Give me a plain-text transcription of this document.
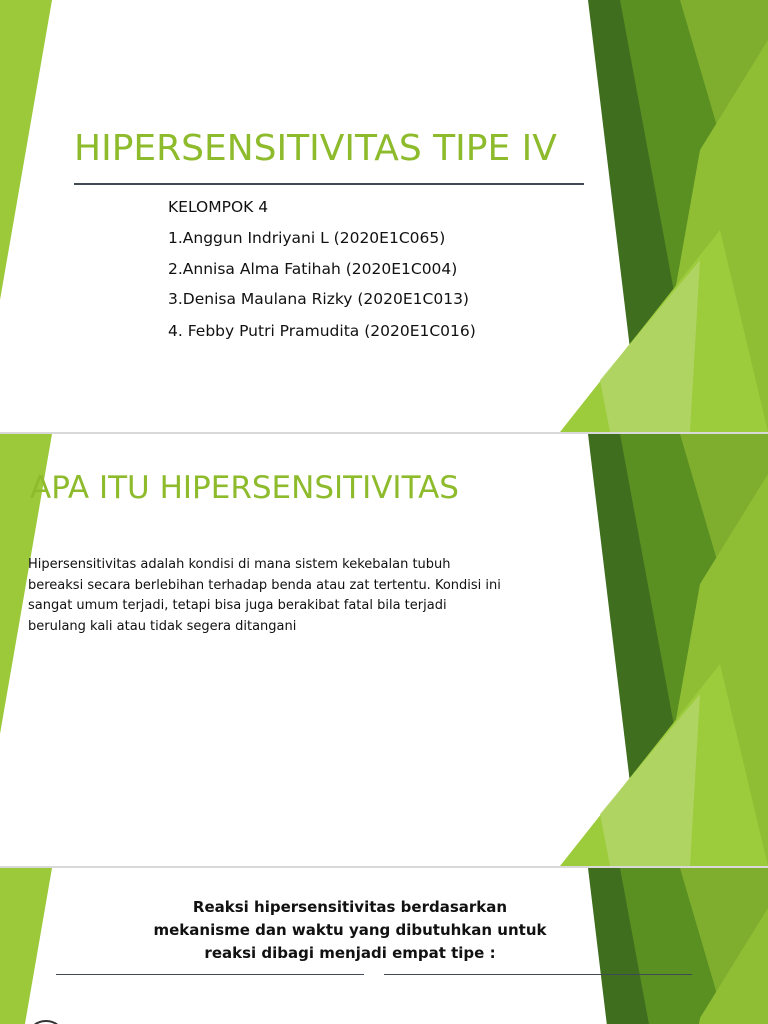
HIPERSENSITIVITAS TIPE IV
KELOMPOK 4
1.Anggun Indriyani L (2020E1C065)
2.Annisa Alma Fatihah (2020E1C004)
3.Denisa Maulana Rizky (2020E1C013)
4. Febby Putri Pramudita (2020E1C016)
APA ITU HIPERSENSITIVITAS
Hipersensitivitas adalah kondisi di mana sistem kekebalan tubuh
bereaksi secara berlebihan terhadap benda atau zat tertentu. Kondisi ini
sangat umum terjadi, tetapi bisa juga berakibat fatal bila terjadi
berulang kali atau tidak segera ditangani
Reaksi hipersensitivitas berdasarkan
mekanisme dan waktu yang dibutuhkan untuk
reaksi dibagi menjadi empat tipe :
